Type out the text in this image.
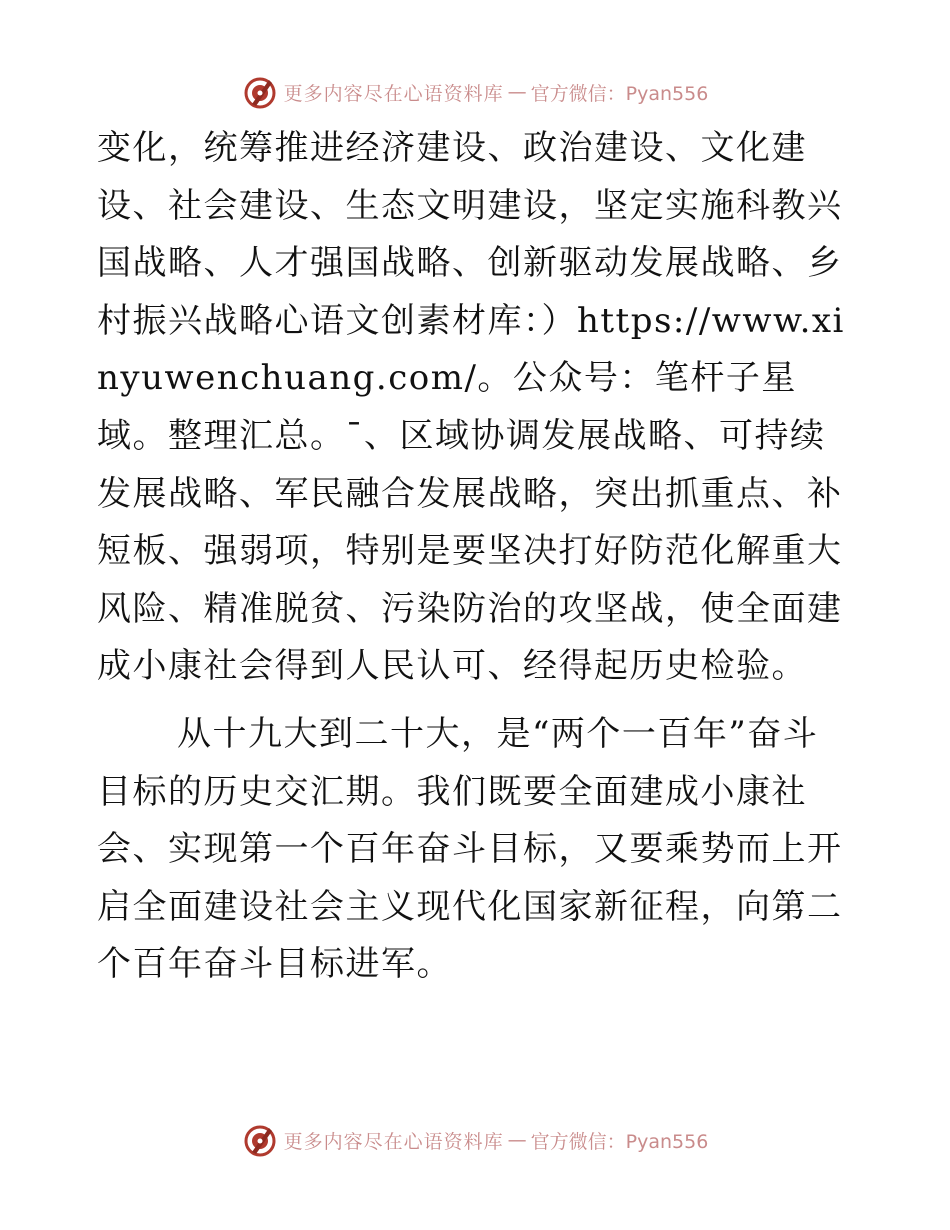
更多内容尽在心语资料库 — 官方微信：Pyan556

变化，统筹推进经济建设、政治建设、文化建设、社会建设、生态文明建设，坚定实施科教兴国战略、人才强国战略、创新驱动发展战略、乡村振兴战略心语文创素材库：）https://www.xinyuwenchuang.com/。公众号：笔杆子星域。整理汇总。¯、区域协调发展战略、可持续发展战略、军民融合发展战略，突出抓重点、补短板、强弱项，特别是要坚决打好防范化解重大风险、精准脱贫、污染防治的攻坚战，使全面建成小康社会得到人民认可、经得起历史检验。

从十九大到二十大，是“两个一百年”奋斗目标的历史交汇期。我们既要全面建成小康社会、实现第一个百年奋斗目标，又要乘势而上开启全面建设社会主义现代化国家新征程，向第二个百年奋斗目标进军。

更多内容尽在心语资料库 — 官方微信：Pyan556
